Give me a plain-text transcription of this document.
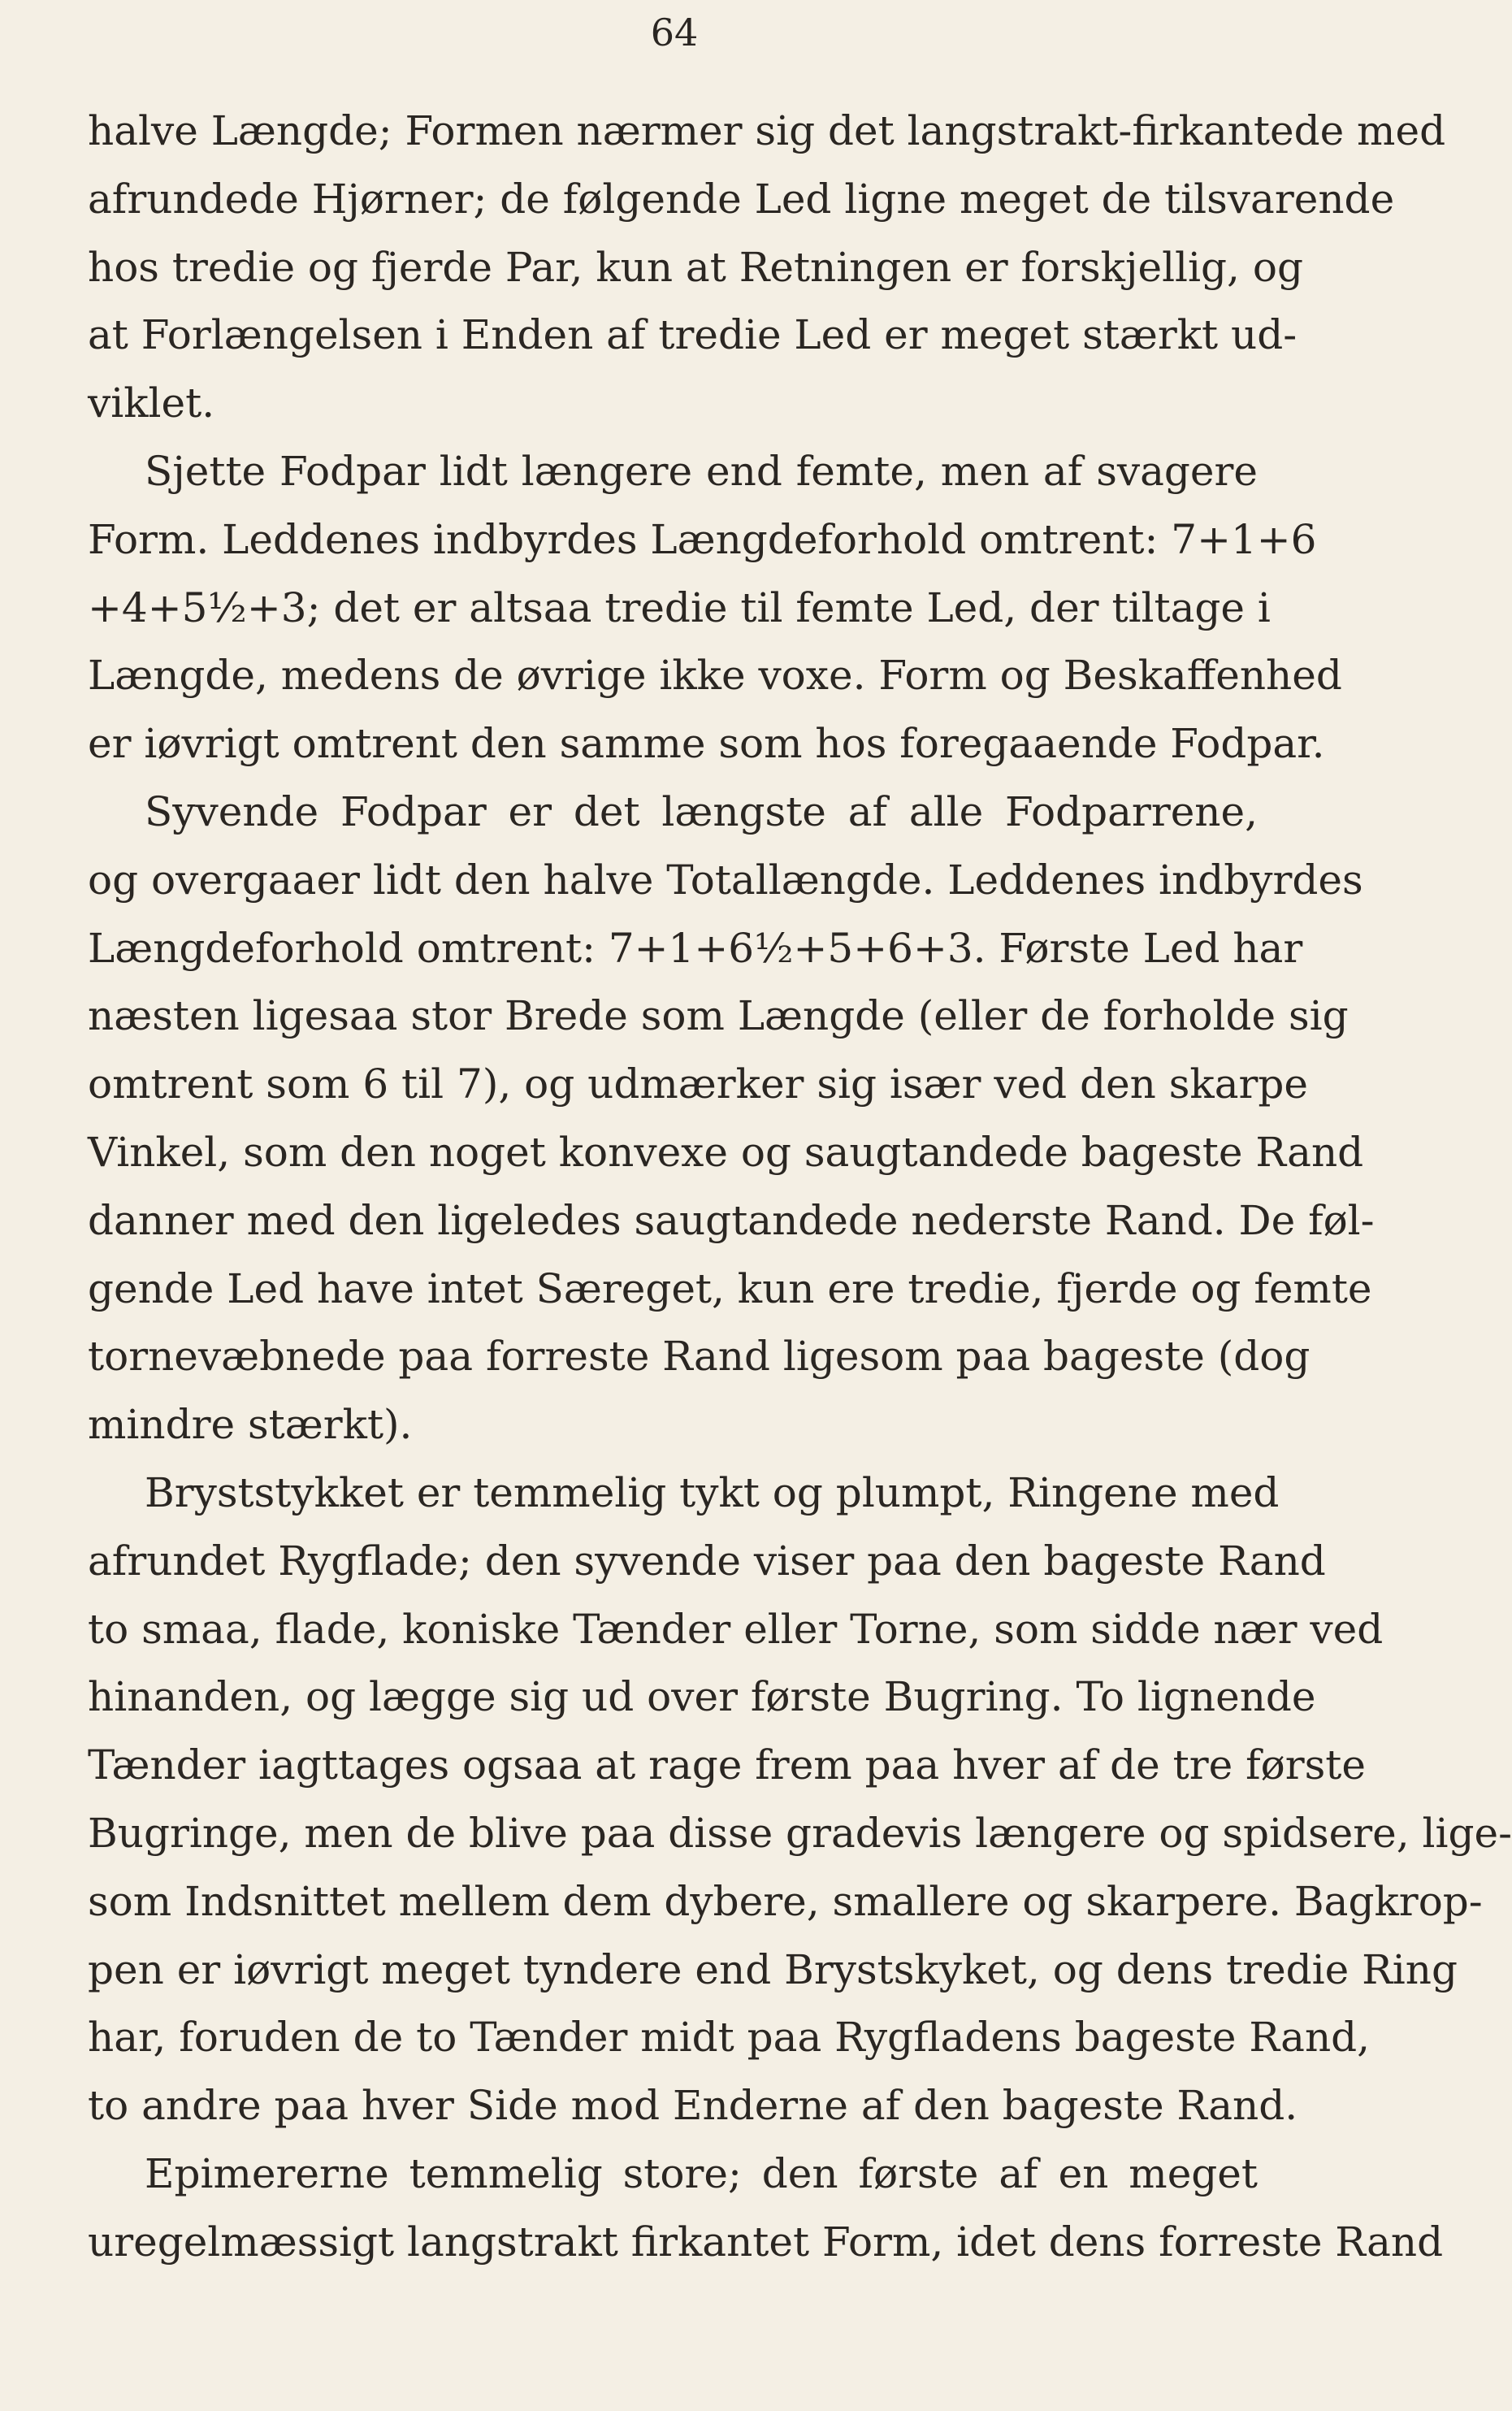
64
halve Længde; Formen nærmer sig det langstrakt-firkantede med
afrundede Hjørner; de følgende Led ligne meget de tilsvarende
hos tredie og fjerde Par, kun at Retningen er forskjellig, og
at Forlængelsen i Enden af tredie Led er meget stærkt ud-
viklet.
Sjette Fodpar lidt længere end femte, men af svagere
Form. Leddenes indbyrdes Længdeforhold omtrent: 7+1+6
+4+5½+3; det er altsaa tredie til femte Led, der tiltage i
Længde, medens de øvrige ikke voxe. Form og Beskaffenhed
er iøvrigt omtrent den samme som hos foregaaende Fodpar.
Syvende Fodpar er det længste af alle Fodparrene,
og overgaaer lidt den halve Totallængde. Leddenes indbyrdes
Længdeforhold omtrent: 7+1+6½+5+6+3. Første Led har
næsten ligesaa stor Brede som Længde (eller de forholde sig
omtrent som 6 til 7), og udmærker sig især ved den skarpe
Vinkel, som den noget konvexe og saugtandede bageste Rand
danner med den ligeledes saugtandede nederste Rand. De føl-
gende Led have intet Særeget, kun ere tredie, fjerde og femte
tornevæbnede paa forreste Rand ligesom paa bageste (dog
mindre stærkt).
Bryststykket er temmelig tykt og plumpt, Ringene med
afrundet Rygflade; den syvende viser paa den bageste Rand
to smaa, flade, koniske Tænder eller Torne, som sidde nær ved
hinanden, og lægge sig ud over første Bugring. To lignende
Tænder iagttages ogsaa at rage frem paa hver af de tre første
Bugringe, men de blive paa disse gradevis længere og spidsere, lige-
som Indsnittet mellem dem dybere, smallere og skarpere. Bagkrop-
pen er iøvrigt meget tyndere end Brystskyket, og dens tredie Ring
har, foruden de to Tænder midt paa Rygfladens bageste Rand,
to andre paa hver Side mod Enderne af den bageste Rand.
Epimererne temmelig store; den første af en meget
uregelmæssigt langstrakt firkantet Form, idet dens forreste Rand
